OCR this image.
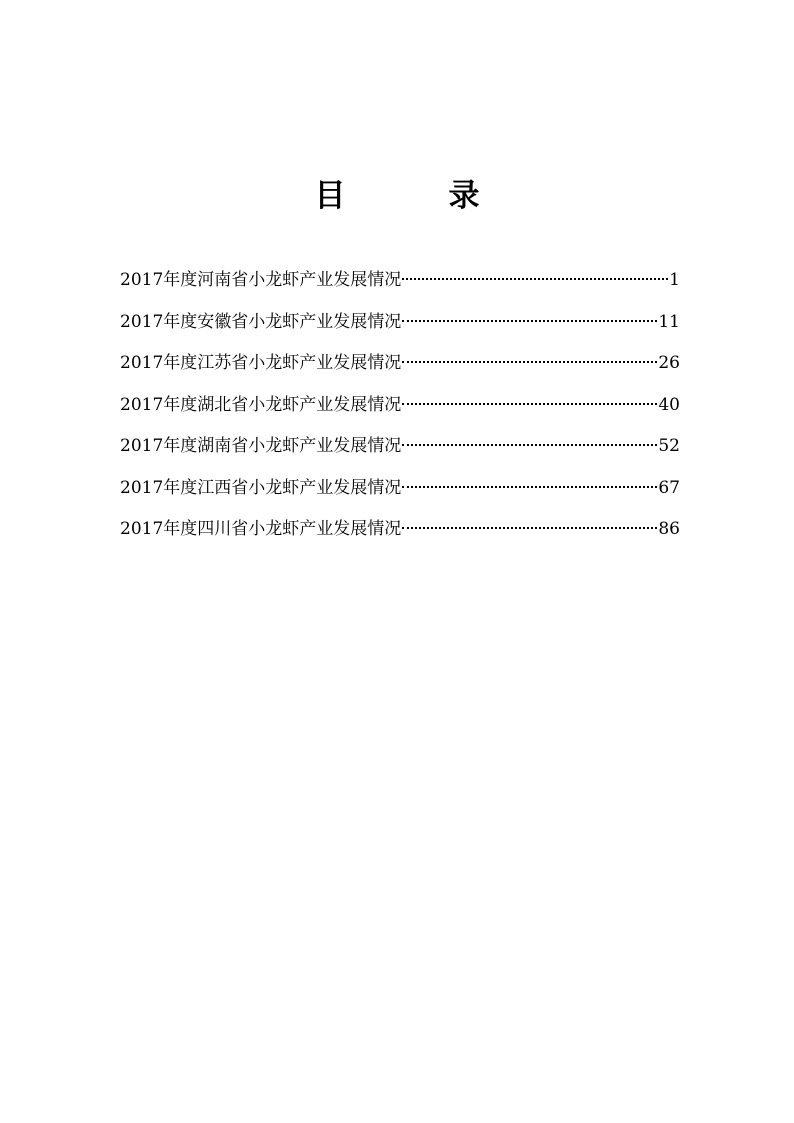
目　录
2017年度河南省小龙虾产业发展情况	1
2017年度安徽省小龙虾产业发展情况	11
2017年度江苏省小龙虾产业发展情况	26
2017年度湖北省小龙虾产业发展情况	40
2017年度湖南省小龙虾产业发展情况	52
2017年度江西省小龙虾产业发展情况	67
2017年度四川省小龙虾产业发展情况	86
